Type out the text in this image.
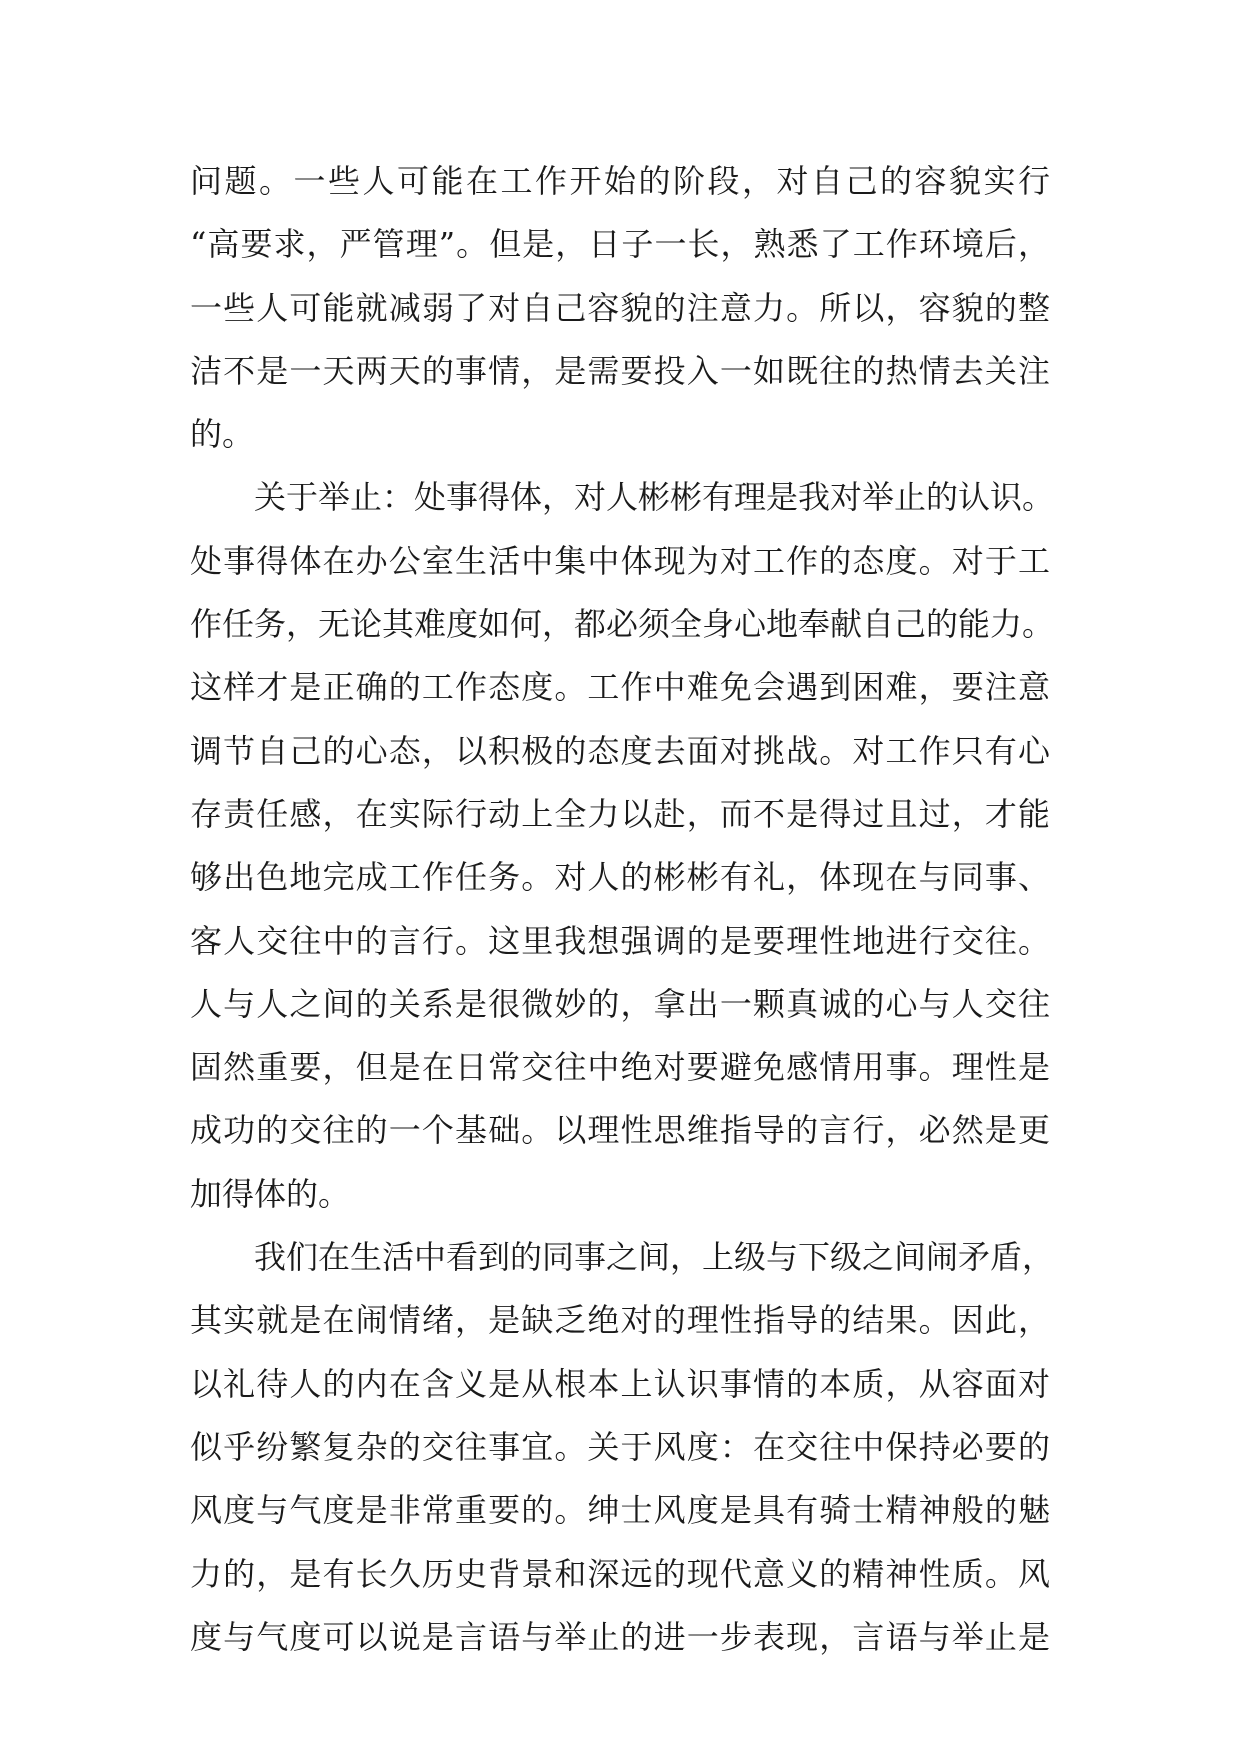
问题。一些人可能在工作开始的阶段，对自己的容貌实行
“高要求，严管理”。但是，日子一长，熟悉了工作环境后，
一些人可能就减弱了对自己容貌的注意力。所以，容貌的整
洁不是一天两天的事情，是需要投入一如既往的热情去关注
的。
关于举止：处事得体，对人彬彬有理是我对举止的认识。
处事得体在办公室生活中集中体现为对工作的态度。对于工
作任务，无论其难度如何，都必须全身心地奉献自己的能力。
这样才是正确的工作态度。工作中难免会遇到困难，要注意
调节自己的心态，以积极的态度去面对挑战。对工作只有心
存责任感，在实际行动上全力以赴，而不是得过且过，才能
够出色地完成工作任务。对人的彬彬有礼，体现在与同事、
客人交往中的言行。这里我想强调的是要理性地进行交往。
人与人之间的关系是很微妙的，拿出一颗真诚的心与人交往
固然重要，但是在日常交往中绝对要避免感情用事。理性是
成功的交往的一个基础。以理性思维指导的言行，必然是更
加得体的。
我们在生活中看到的同事之间，上级与下级之间闹矛盾，
其实就是在闹情绪，是缺乏绝对的理性指导的结果。因此，
以礼待人的内在含义是从根本上认识事情的本质，从容面对
似乎纷繁复杂的交往事宜。关于风度：在交往中保持必要的
风度与气度是非常重要的。绅士风度是具有骑士精神般的魅
力的，是有长久历史背景和深远的现代意义的精神性质。风
度与气度可以说是言语与举止的进一步表现，言语与举止是
